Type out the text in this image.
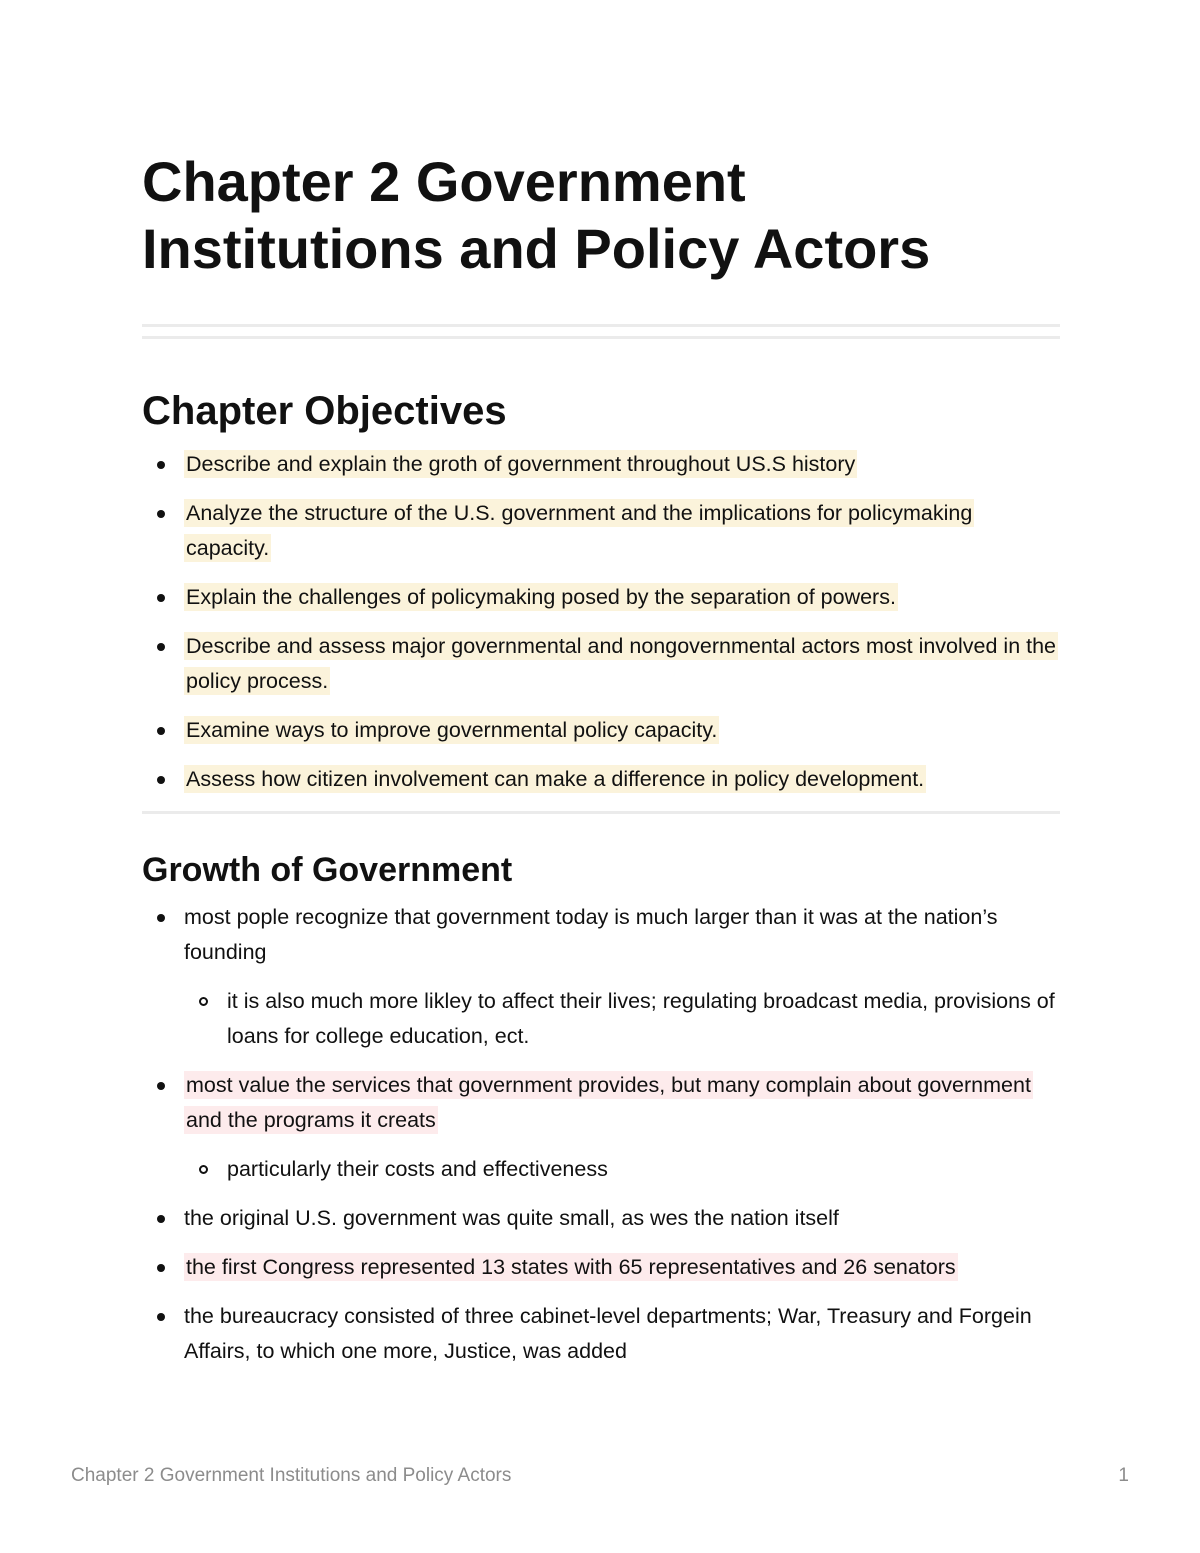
Chapter 2 Government Institutions and Policy Actors
Chapter Objectives
Describe and explain the groth of government throughout US.S history
Analyze the structure of the U.S. government and the implications for policymaking capacity.
Explain the challenges of policymaking posed by the separation of powers.
Describe and assess major governmental and nongovernmental actors most involved in the policy process.
Examine ways to improve governmental policy capacity.
Assess how citizen involvement can make a difference in policy development.
Growth of Government
most pople recognize that government today is much larger than it was at the nation’s founding
it is also much more likley to affect their lives; regulating broadcast media, provisions of loans for college education, ect.
most value the services that government provides, but many complain about government and the programs it creats
particularly their costs and effectiveness
the original U.S. government was quite small, as wes the nation itself
the first Congress represented 13 states with 65 representatives and 26 senators
the bureaucracy consisted of three cabinet-level departments; War, Treasury and Forgein Affairs, to which one more, Justice, was added
Chapter 2 Government Institutions and Policy Actors	1
